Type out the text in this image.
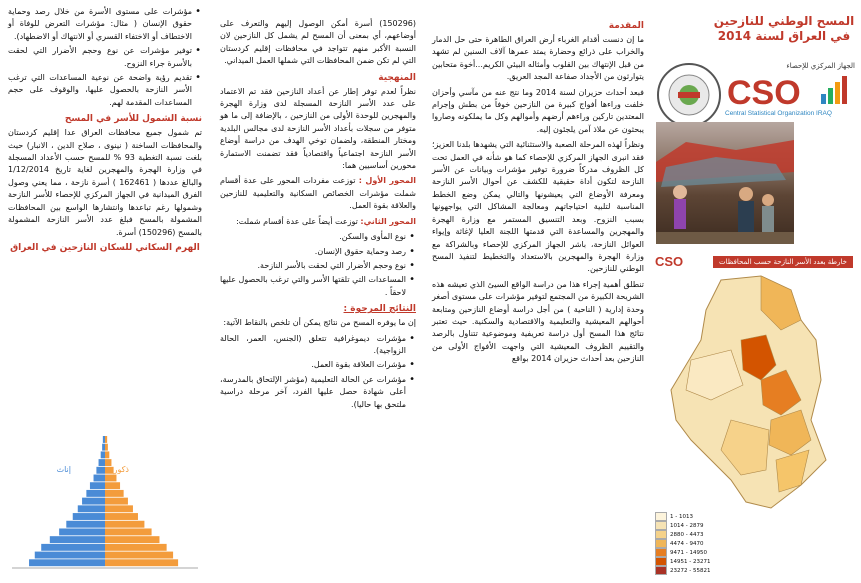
• مؤشرات على مستوى الأسرة من خلال رصد وحماية حقوق الإنسان ( مثال: مؤشرات التعرض للوفاة أو الاختطاف أو الاختفاء القسري أو الانتهاك أو الاضطهاد).
• توفير مؤشرات عن نوع وحجم الأضرار التي لحقت بالأسرة جراء النزوح.
• تقديم رؤية واضحة عن نوعية المساعدات التي ترغب الأسر النازحة بالحصول عليها، والوقوف على حجم المساعدات المقدمة لهم.
نسبة الشمول للأسر في المسح

تم شمول جميع محافظات العراق عدا إقليم كردستان والمحافظات الساخنة ( نينوى ، صلاح الدين ، الانبار) حيث بلغت نسبة التغطية 93 % للمسح حسب الأعداد المسجلة في وزارة الهجرة والمهجرين لغاية تاريخ 1/12/2014 والبالغ عددها ( 162461 ) أسرة نازحة ، مما يعني وصول الفرق الميدانية في الجهاز المركزي للإحصاء للأسر النازحة وشمولها رغم تباعدها وانتشارها الواسع بين المحافظات المشمولة بالمسح فبلغ عدد الأسر النازحة المشمولة بالمسح (150296) أسرة.

الهرم السكاني للسكان النازحين في العراق
إناث	ذكور

(150296) أسرة أمكن الوصول إليهم والتعرف على أوضاعهم، أي بمعنى أن المسح لم يشمل كل النازحين لان النسبة الأكبر منهم تتواجد في محافظات إقليم كردستان التي لم تكن ضمن المحافظات التي شملها العمل الميداني.

المنهجية

نظراً لعدم توفر إطار عن أعداد النازحين فقد تم الاعتماد على عدد الأسر النازحة المسجلة لدى وزارة الهجرة والمهجرين للوحدة الأولى من النازحين ، بالإضافة إلى ما هو متوفر من سجلات بأعداد الأسر النازحة لدى مجالس البلدية ومختار المنطقة، ولضمان توخي الهدف من دراسة أوضاع الأسر النازحة اجتماعياً واقتصادياً فقد تضمنت الاستمارة محورين أساسيين هما:

المحور الأول : توزعت مفردات المحور على عدة أقسام شملت مؤشرات الخصائص السكانية والتعليمية للنازحين والعلاقة بقوة العمل.

المحور الثاني: توزعت أيضاً على عدة أقسام شملت:

• نوع المأوى والسكن.
• رصد وحماية حقوق الإنسان.
• نوع وحجم الأضرار التي لحقت بالأسر النازحة.
• المساعدات التي تلقتها الأسر والتي ترغب بالحصول عليها لاحقاً .
النتائج المرجوة :

إن ما يوفره المسح من نتائج يمكن أن تلخص بالنقاط الآتية:

• مؤشرات ديموغرافية تتعلق (الجنس، العمر، الحالة الزواجية).
• مؤشرات العلاقة بقوة العمل.
• مؤشرات عن الحالة التعليمية (مؤشر الإلتحاق بالمدرسة، أعلى شهادة حصل عليها الفرد، آخر مرحلة دراسية ملتحق بها حاليا).
المقدمة

ما إن دنست أقدام الغرباء أرض العراق الطاهرة حتى حل الدمار والخراب على ذرائع وحضارة يمتد عمرها آلاف السنين لم تشهد من قبل الإنتهاك بين القلوب وأمثاله البيئي الكريم...أخوة متحابين يتوارثون من الأجداد صفاعة المجد العريق.

فبعد أحداث حزيران لسنة 2014 وما نتج عنه من مآسي وأحزان خلفت وراءها أفواج كبيرة من النازحين خوفاً من بطش وإجرام المعتدين تاركين وراءهم أرضهم وأموالهم وكل ما يملكونه وصاروا يبحثون عن ملاذ آمن يلجئون إليه.

ونظراً لهذه المرحلة الصعبة والاستثنائية التي يشهدها بلدنا العزيز؛ فقد انبرى الجهاز المركزي للإحصاء كما هو شأنه في العمل تحت كل الظروف مدركاً ضرورة توفير مؤشرات وبيانات عن الأسر النازحة لتكون أداة حقيقية للكشف عن أحوال الأسر النازحة ومعرفة الأوضاع التي يعيشونها والتالي يمكن وضع الخطط المناسبة لتلبية احتياجاتهم ومعالجة المشاكل التي يواجهونها بسبب النزوح. وبعد التنسيق المستمر مع وزارة الهجرة والمهجرين والمساعدة التي قدمتها اللجنة العليا لإغاثة وإيواء العوائل النازحة، باشر الجهاز المركزي للإحصاء وبالشراكة مع وزارة الهجرة والمهجرين بالاستعداد والتخطيط لتنفيذ المسح الوطني للنازحين.

تنطلق أهمية إجراء هذا من دراسة الواقع السيئ الذي تعيشه هذه الشريحة الكبيرة من المجتمع لتوفير مؤشرات على مستوى أصغر وحدة إدارية ( الناحية ) من أجل دراسة أوضاع النازحين ومتابعة أحوالهم المعيشية والتعليمية والاقتصادية والسكنية. حيث تعتبر نتائج هذا المسح أول دراسة تعريفية وموضوعية تتناول بالرصد والتقييم الظروف المعيشية التي واجهت الأفواج الأولى من النازحين بعد أحداث حزيران 2014 بواقع

المسح الوطني للنازحين في العراق لسنة 2014
الجهاز المركزي للإحصاء
CSO
Central Statistical Organization IRAQ
CSO	خارطة بعدد الأسر النازحة حسب المحافظات
1 - 1013
1014 - 2879
2880 - 4473
4474 - 9470
9471 - 14950
14951 - 23271
23272 - 55821
